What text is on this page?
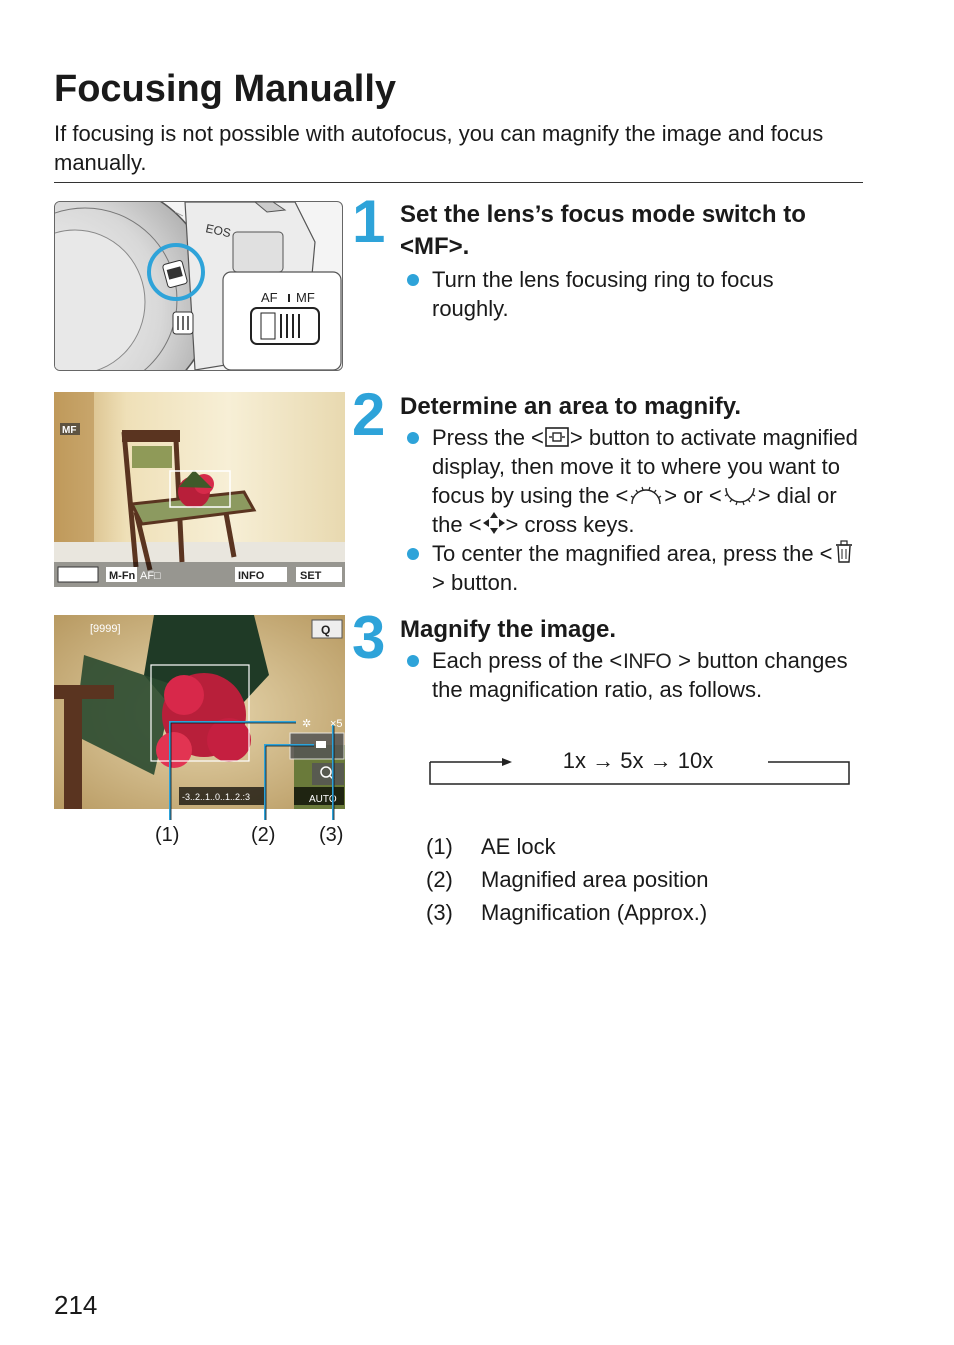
Focusing Manually

If focusing is not possible with autofocus, you can magnify the image and focus manually.

EOS
AF MF
1 Set the lens’s focus mode switch to <MF>.

Turn the lens focusing ring to focus roughly.
MF
M-Fn AF□	INFO	SET
2 Determine an area to magnify.

Press the < > button to activate magnified display, then move it to where you want to focus by using the < > or < > dial or the < > cross keys.
To center the magnified area, press the <> button.
[9999]	Q
✲ ×5
-3..2..1..0..1..2.:3	AUTO
(1)	(2) (3)
3 Magnify the image.

Each press of the < INFO > button changes the magnification ratio, as follows.
1x → 5x → 10x
(1) AE lock
(2) Magnified area position
(3) Magnification (Approx.)
214
